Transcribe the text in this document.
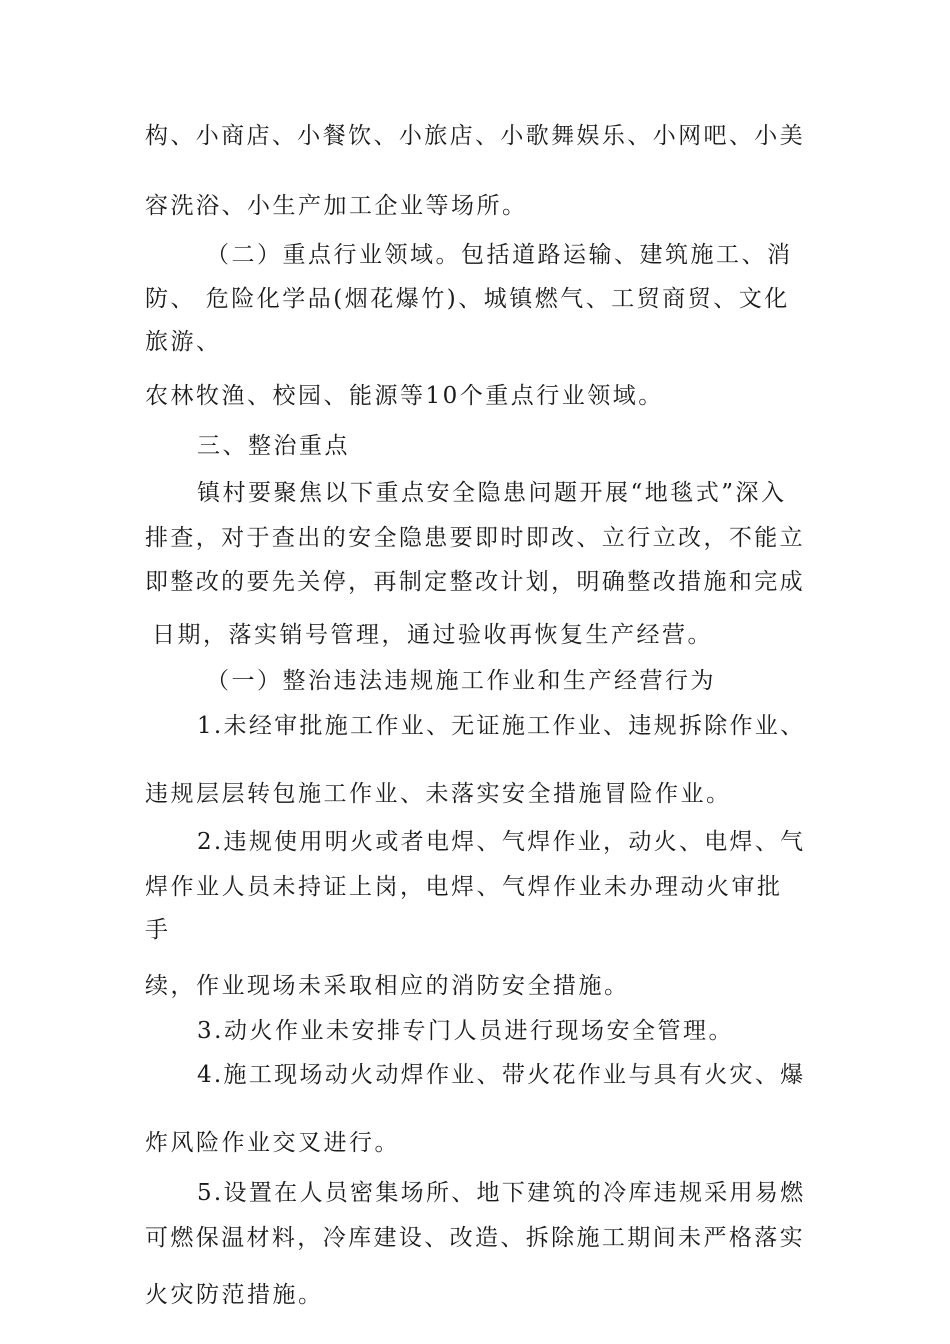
构、小商店、小餐饮、小旅店、小歌舞娱乐、小网吧、小美
容洗浴、小生产加工企业等场所。
（二）重点行业领域。包括道路运输、建筑施工、消
防、 危险化学品(烟花爆竹)、城镇燃气、工贸商贸、文化
旅游、
农林牧渔、校园、能源等10个重点行业领域。
三、整治重点
镇村要聚焦以下重点安全隐患问题开展“地毯式”深入
排查，对于查出的安全隐患要即时即改、立行立改，不能立
即整改的要先关停，再制定整改计划，明确整改措施和完成
日期，落实销号管理，通过验收再恢复生产经营。
（一）整治违法违规施工作业和生产经营行为
1.未经审批施工作业、无证施工作业、违规拆除作业、
违规层层转包施工作业、未落实安全措施冒险作业。
2.违规使用明火或者电焊、气焊作业，动火、电焊、气
焊作业人员未持证上岗，电焊、气焊作业未办理动火审批
手
续，作业现场未采取相应的消防安全措施。
3.动火作业未安排专门人员进行现场安全管理。
4.施工现场动火动焊作业、带火花作业与具有火灾、爆
炸风险作业交叉进行。
5.设置在人员密集场所、地下建筑的冷库违规采用易燃
可燃保温材料，冷库建设、改造、拆除施工期间未严格落实
火灾防范措施。
